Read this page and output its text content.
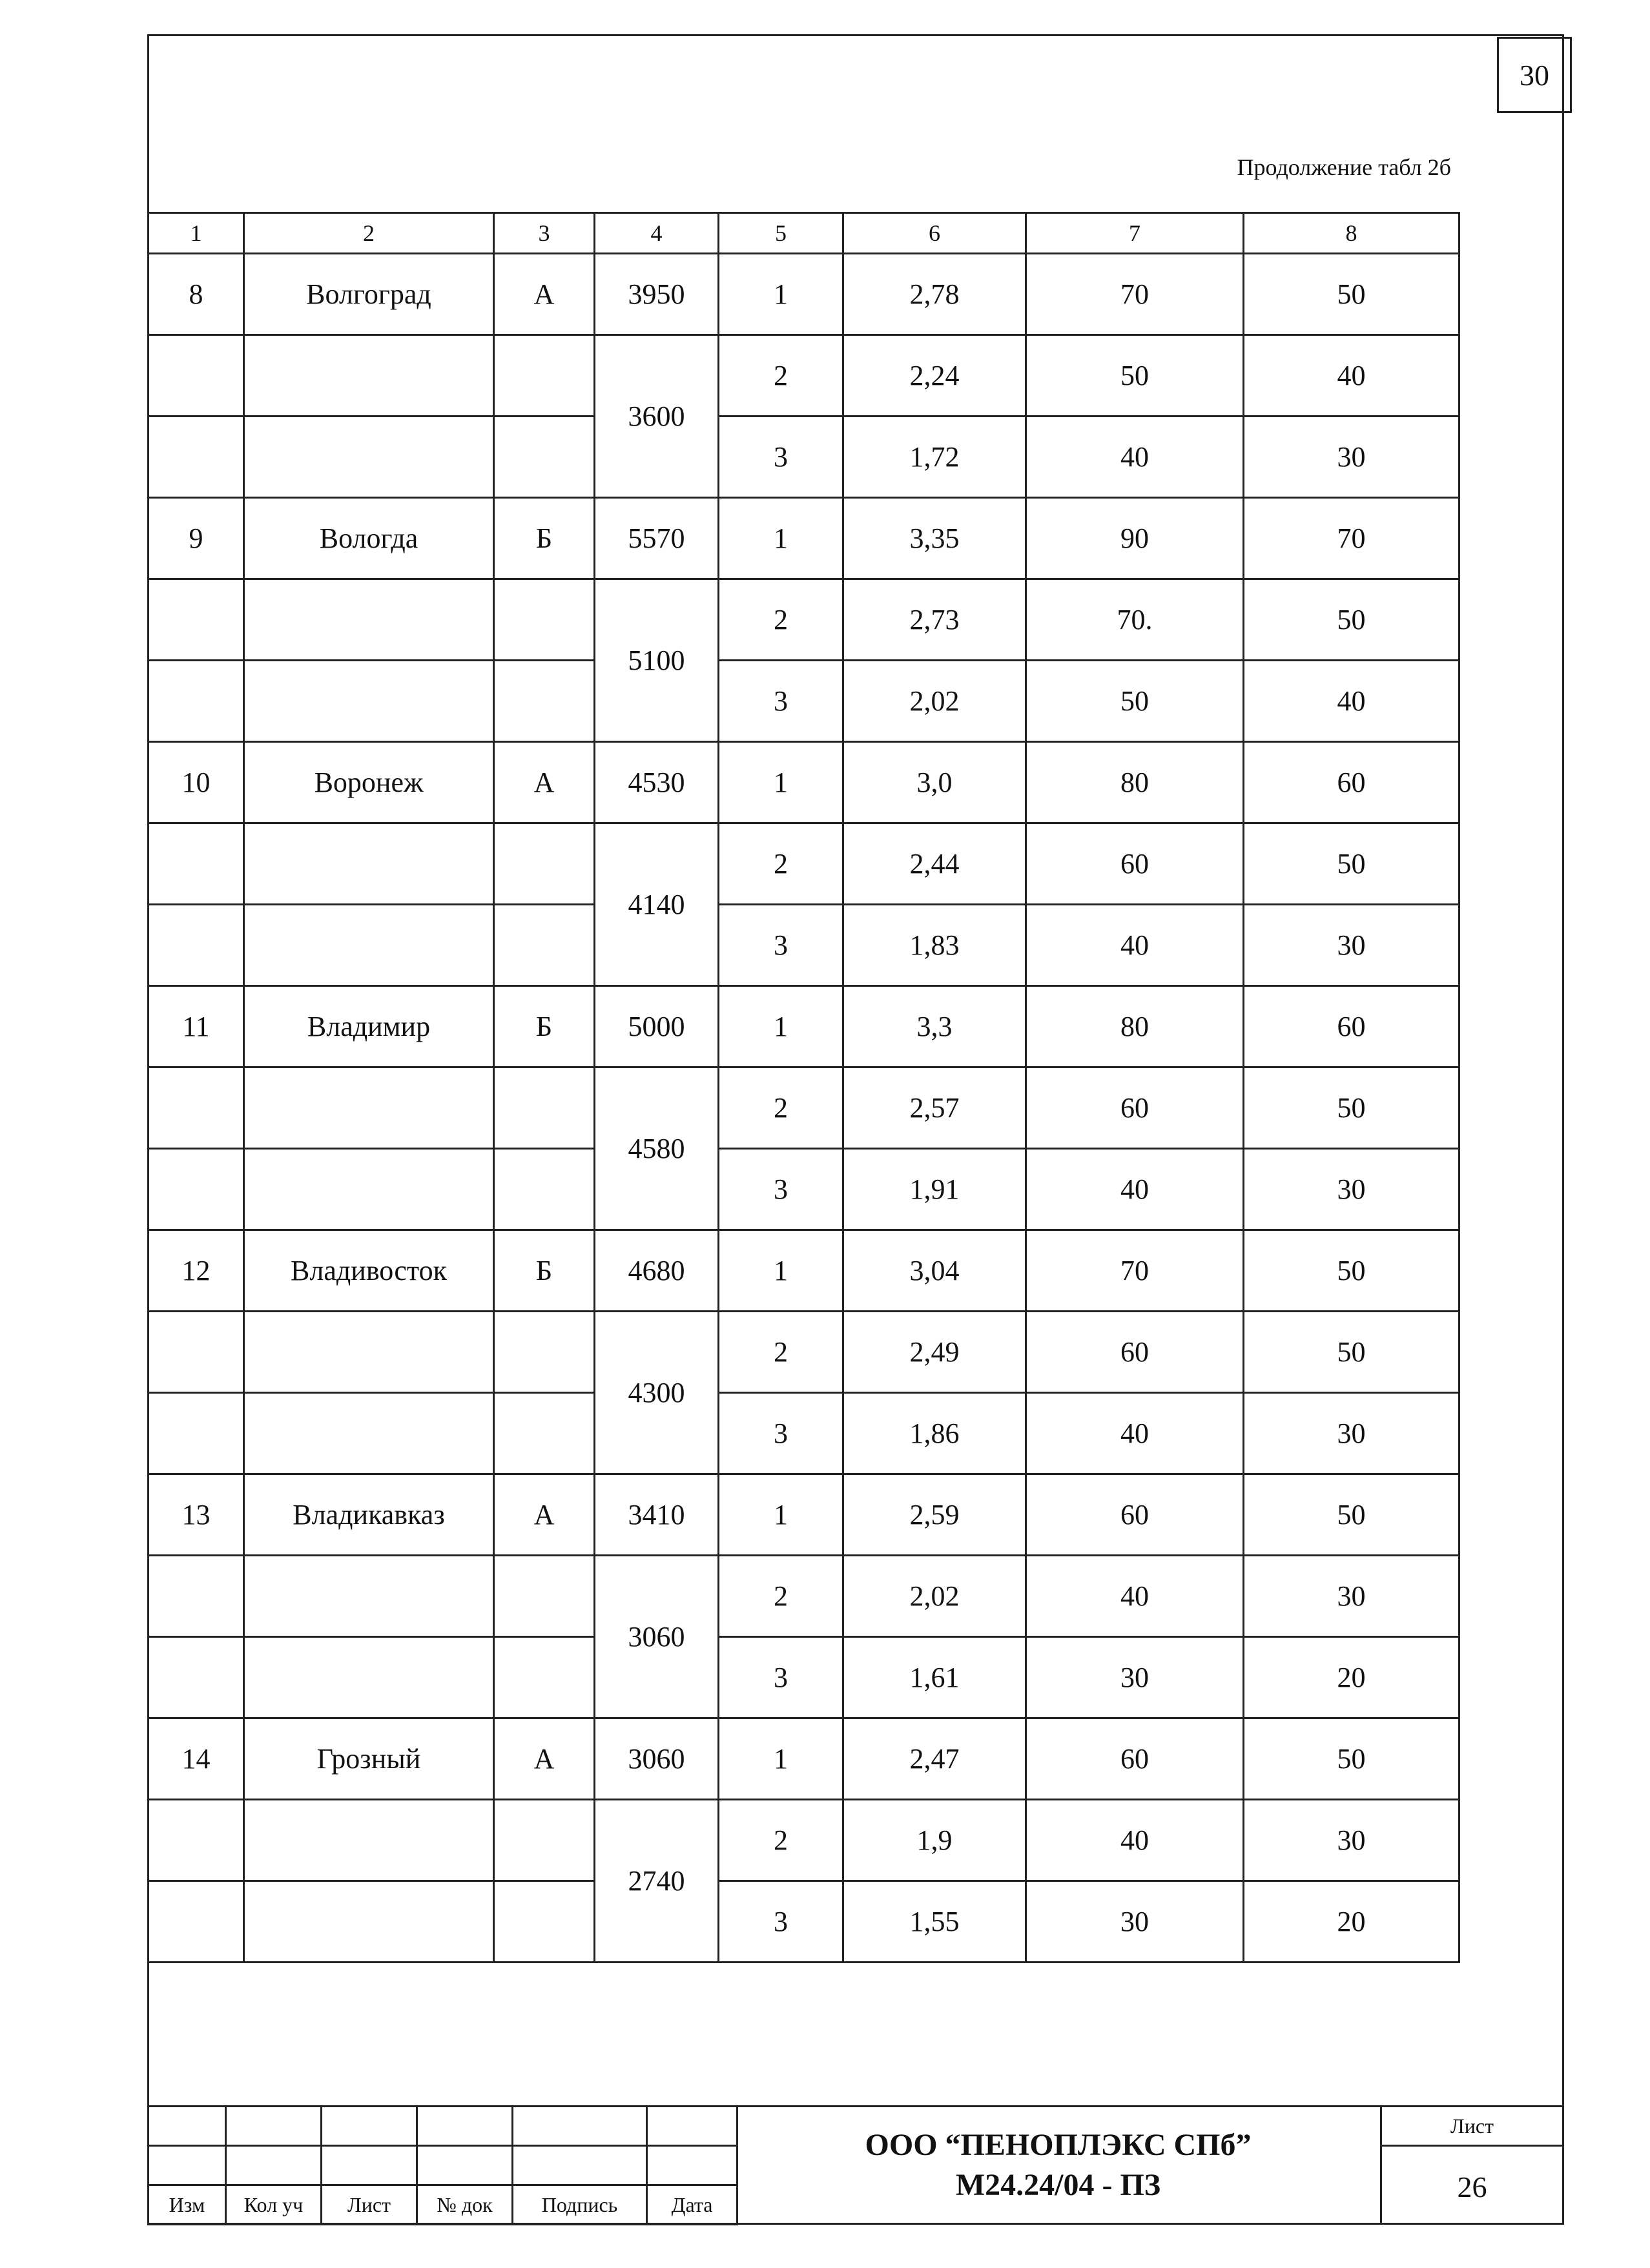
30
Продолжение табл 2б
1	2	3	4	5	6	7	8
8	Волгоград	А	3950	1	2,78	70	50
			3600	2	2,24	50	40
				3	1,72	40	30
9	Вологда	Б	5570	1	3,35	90	70
			5100	2	2,73	70.	50
				3	2,02	50	40
10	Воронеж	А	4530	1	3,0	80	60
			4140	2	2,44	60	50
				3	1,83	40	30
11	Владимир	Б	5000	1	3,3	80	60
			4580	2	2,57	60	50
				3	1,91	40	30
12	Владивосток	Б	4680	1	3,04	70	50
			4300	2	2,49	60	50
				3	1,86	40	30
13	Владикавказ	А	3410	1	2,59	60	50
			3060	2	2,02	40	30
				3	1,61	30	20
14	Грозный	А	3060	1	2,47	60	50
			2740	2	1,9	40	30
				3	1,55	30	20

Изм	Кол уч	Лист	№ док	Подпись	Дата
ООО “ПЕНОПЛЭКС СПб”
М24.24/04 - ПЗ
Лист
26
